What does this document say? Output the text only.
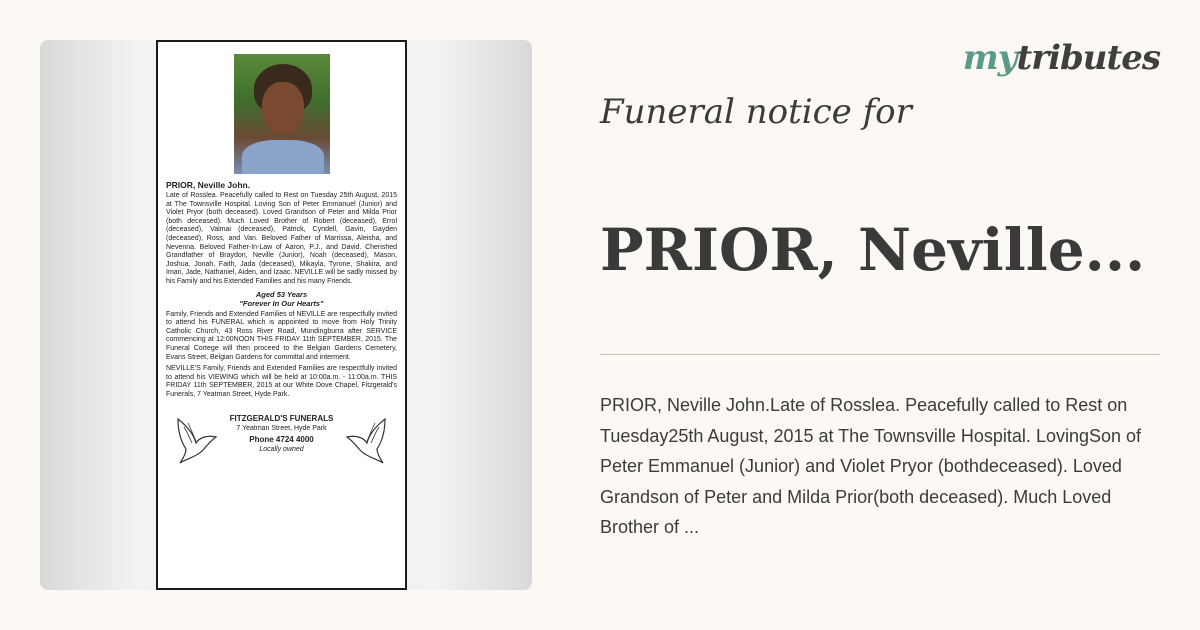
mytributes
PRIOR, Neville John.
Late of Rosslea. Peacefully called to Rest on Tuesday 25th August, 2015 at The Townsville Hospital. Loving Son of Peter Emmanuel (Junior) and Violet Pryor (both deceased). Loved Grandson of Peter and Milda Prior (both deceased). Much Loved Brother of Robert (deceased), Errol (deceased), Valmai (deceased), Patrick, Cyndell, Gavin, Gayden (deceased), Ross, and Van. Beloved Father of Marrissa, Aleisha, and Nevenna. Beloved Father-In-Law of Aaron, P.J., and David. Cherished Grandfather of Braydon, Neville (Junior), Noah (deceased), Mason, Joshua, Jonah, Faith, Jada (deceased), Mikayla, Tyrone, Shakira, and Imari, Jade, Nathaniel, Aiden, and Izaac. NEVILLE will be sadly missed by his Family and his Extended Families and his many Friends.
Aged 53 Years
"Forever In Our Hearts"
Family, Friends and Extended Families of NEVILLE are respectfully invited to attend his FUNERAL which is appointed to move from Holy Trinity Catholic Church, 43 Ross River Road, Mundingburra after SERVICE commencing at 12:00NOON THIS FRIDAY 11th SEPTEMBER, 2015. The Funeral Cortege will then proceed to the Belgian Gardens Cemetery, Evans Street, Belgian Gardens for committal and interment.
NEVILLE'S Family, Friends and Extended Families are respectfully invited to attend his VIEWING which will be held at 10:00a.m. - 11:00a.m. THIS FRIDAY 11th SEPTEMBER, 2015 at our White Dove Chapel, Fitzgerald's Funerals, 7 Yeatman Street, Hyde Park.
FITZGERALD'S FUNERALS
7 Yeatman Street, Hyde Park
Phone 4724 4000
Locally owned
Funeral notice for
PRIOR, Neville...
PRIOR, Neville John.Late of Rosslea. Peacefully called to Rest on Tuesday25th August, 2015 at The Townsville Hospital. LovingSon of Peter Emmanuel (Junior) and Violet Pryor (bothdeceased). Loved Grandson of Peter and Milda Prior(both deceased). Much Loved Brother of ...
